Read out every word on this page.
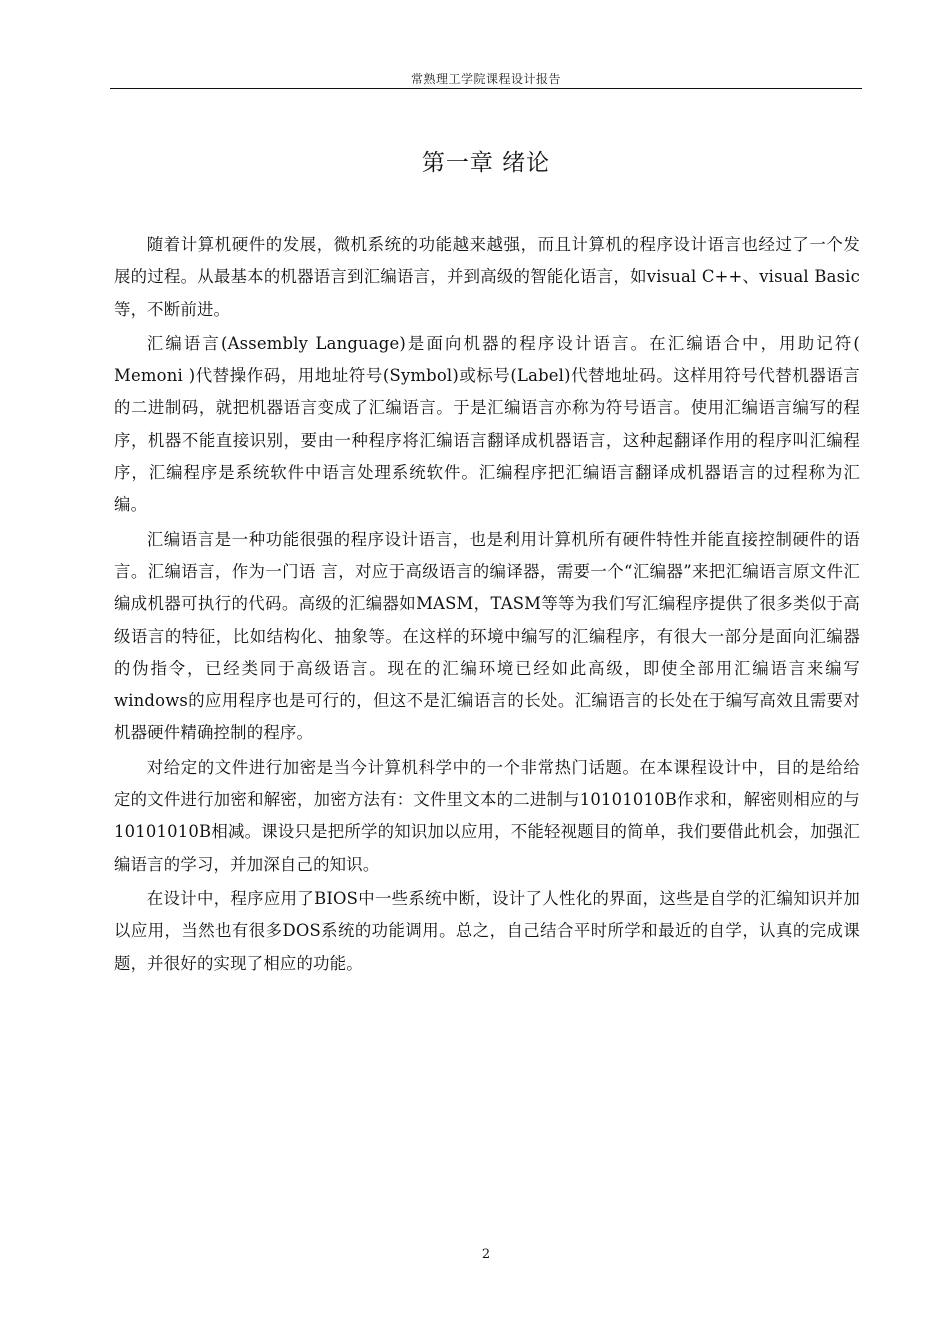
常熟理工学院课程设计报告
第一章 绪论

随着计算机硬件的发展，微机系统的功能越来越强，而且计算机的程序设计语言也经过了一个发展的过程。从最基本的机器语言到汇编语言，并到高级的智能化语言，如visual C++、visual Basic等，不断前进。

汇编语言(Assembly Language)是面向机器的程序设计语言。在汇编语合中，用助记符( Memoni )代替操作码，用地址符号(Symbol)或标号(Label)代替地址码。这样用符号代替机器语言的二进制码，就把机器语言变成了汇编语言。于是汇编语言亦称为符号语言。使用汇编语言编写的程序，机器不能直接识别，要由一种程序将汇编语言翻译成机器语言，这种起翻译作用的程序叫汇编程序，汇编程序是系统软件中语言处理系统软件。汇编程序把汇编语言翻译成机器语言的过程称为汇编。

汇编语言是一种功能很强的程序设计语言，也是利用计算机所有硬件特性并能直接控制硬件的语言。汇编语言，作为一门语 言，对应于高级语言的编译器，需要一个“汇编器”来把汇编语言原文件汇编成机器可执行的代码。高级的汇编器如MASM，TASM等等为我们写汇编程序提供了很多类似于高级语言的特征，比如结构化、抽象等。在这样的环境中编写的汇编程序，有很大一部分是面向汇编器的伪指令，已经类同于高级语言。现在的汇编环境已经如此高级，即使全部用汇编语言来编写windows的应用程序也是可行的，但这不是汇编语言的长处。汇编语言的长处在于编写高效且需要对机器硬件精确控制的程序。

对给定的文件进行加密是当今计算机科学中的一个非常热门话题。在本课程设计中，目的是给给定的文件进行加密和解密，加密方法有：文件里文本的二进制与10101010B作求和，解密则相应的与10101010B相减。课设只是把所学的知识加以应用，不能轻视题目的简单，我们要借此机会，加强汇编语言的学习，并加深自己的知识。

在设计中，程序应用了BIOS中一些系统中断，设计了人性化的界面，这些是自学的汇编知识并加以应用，当然也有很多DOS系统的功能调用。总之，自己结合平时所学和最近的自学，认真的完成课题，并很好的实现了相应的功能。

2
